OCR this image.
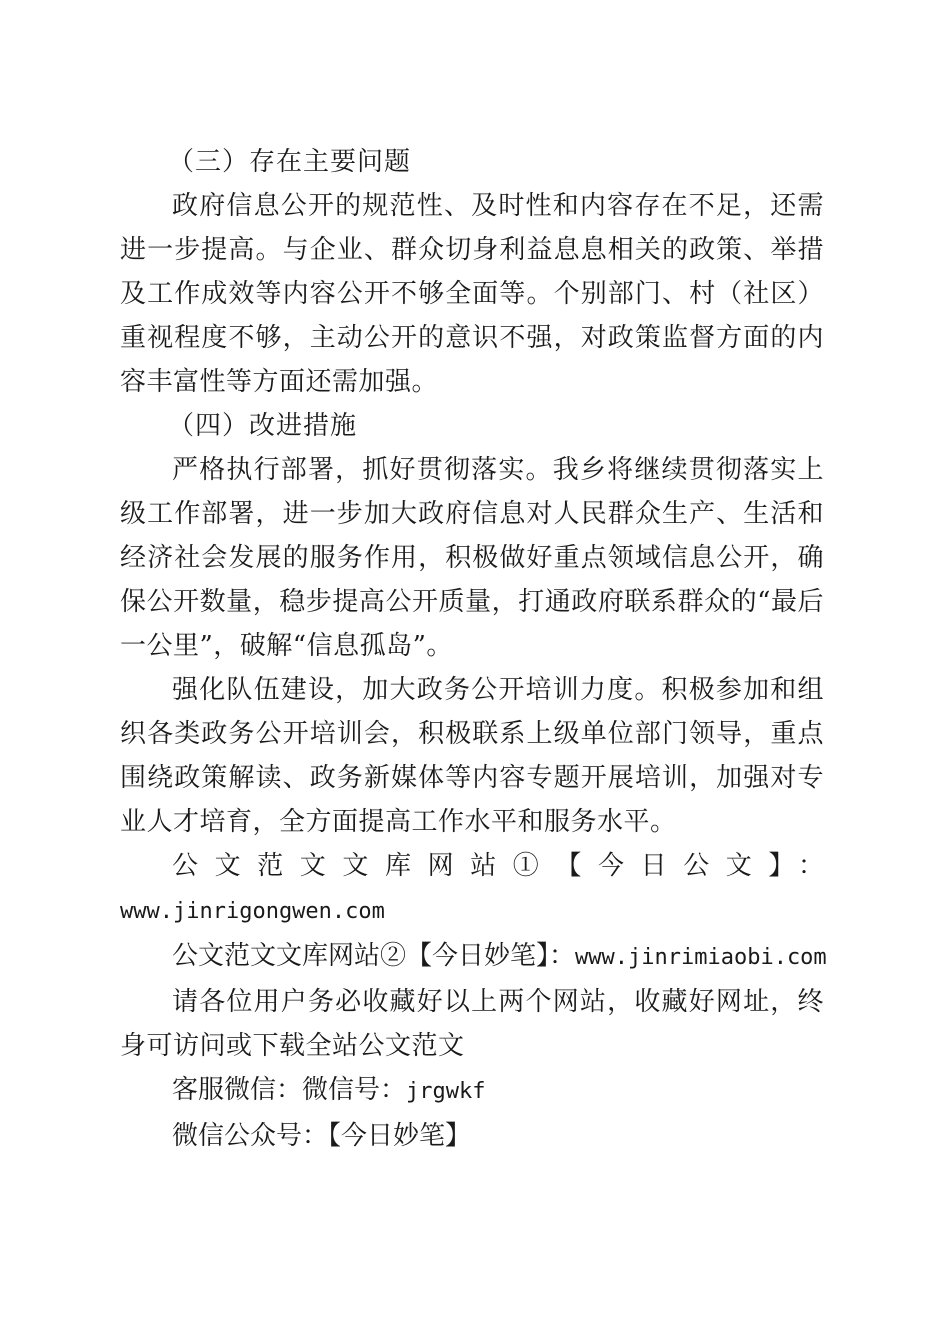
（三）存在主要问题

政府信息公开的规范性、及时性和内容存在不足，还需进一步提高。与企业、群众切身利益息息相关的政策、举措及工作成效等内容公开不够全面等。个别部门、村（社区）重视程度不够，主动公开的意识不强，对政策监督方面的内容丰富性等方面还需加强。

（四）改进措施

严格执行部署，抓好贯彻落实。我乡将继续贯彻落实上级工作部署，进一步加大政府信息对人民群众生产、生活和经济社会发展的服务作用，积极做好重点领域信息公开，确保公开数量，稳步提高公开质量，打通政府联系群众的“最后一公里”，破解“信息孤岛”。

强化队伍建设，加大政务公开培训力度。积极参加和组织各类政务公开培训会，积极联系上级单位部门领导，重点围绕政策解读、政务新媒体等内容专题开展培训，加强对专业人才培育，全方面提高工作水平和服务水平。

公文范文文库网站①【今日公文】：

www.jinrigongwen.com

公文范文文库网站②【今日妙笔】：www.jinrimiaobi.com

请各位用户务必收藏好以上两个网站，收藏好网址，终身可访问或下载全站公文范文

客服微信：微信号：jrgwkf

微信公众号：【今日妙笔】
